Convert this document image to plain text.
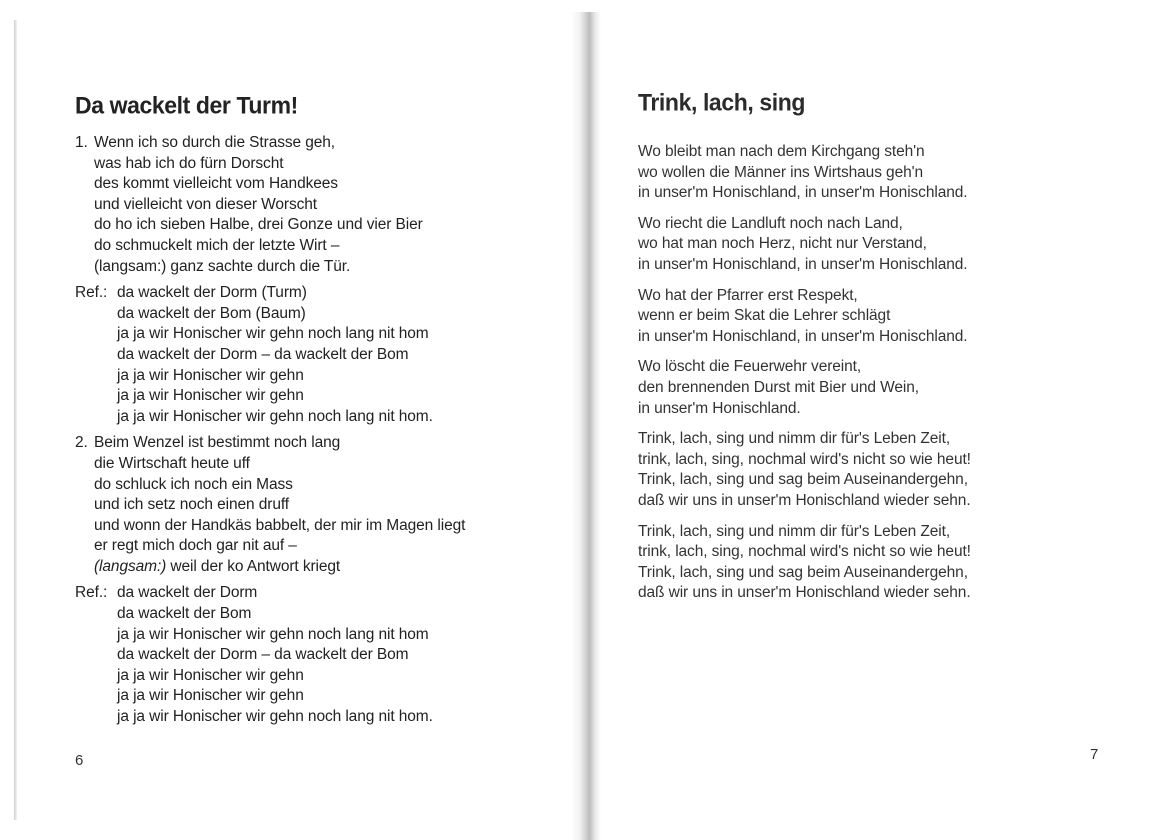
Da wackelt der Turm!
1. Wenn ich so durch die Strasse geh,
was hab ich do fürn Dorscht
des kommt vielleicht vom Handkees
und vielleicht von dieser Worscht
do ho ich sieben Halbe, drei Gonze und vier Bier
do schmuckelt mich der letzte Wirt –
(langsam:) ganz sachte durch die Tür.
Ref.: da wackelt der Dorm (Turm)
da wackelt der Bom (Baum)
ja ja wir Honischer wir gehn noch lang nit hom
da wackelt der Dorm – da wackelt der Bom
ja ja wir Honischer wir gehn
ja ja wir Honischer wir gehn
ja ja wir Honischer wir gehn noch lang nit hom.
2. Beim Wenzel ist bestimmt noch lang
die Wirtschaft heute uff
do schluck ich noch ein Mass
und ich setz noch einen druff
und wonn der Handkäs babbelt, der mir im Magen liegt
er regt mich doch gar nit auf –
(langsam:) weil der ko Antwort kriegt
Ref.: da wackelt der Dorm
da wackelt der Bom
ja ja wir Honischer wir gehn noch lang nit hom
da wackelt der Dorm – da wackelt der Bom
ja ja wir Honischer wir gehn
ja ja wir Honischer wir gehn
ja ja wir Honischer wir gehn noch lang nit hom.
6
Trink, lach, sing
Wo bleibt man nach dem Kirchgang steh'n
wo wollen die Männer ins Wirtshaus geh'n
in unser'm Honischland, in unser'm Honischland.
Wo riecht die Landluft noch nach Land,
wo hat man noch Herz, nicht nur Verstand,
in unser'm Honischland, in unser'm Honischland.
Wo hat der Pfarrer erst Respekt,
wenn er beim Skat die Lehrer schlägt
in unser'm Honischland, in unser'm Honischland.
Wo löscht die Feuerwehr vereint,
den brennenden Durst mit Bier und Wein,
in unser'm Honischland.
Trink, lach, sing und nimm dir für's Leben Zeit,
trink, lach, sing, nochmal wird's nicht so wie heut!
Trink, lach, sing und sag beim Auseinandergehn,
daß wir uns in unser'm Honischland wieder sehn.
Trink, lach, sing und nimm dir für's Leben Zeit,
trink, lach, sing, nochmal wird's nicht so wie heut!
Trink, lach, sing und sag beim Auseinandergehn,
daß wir uns in unser'm Honischland wieder sehn.
7
